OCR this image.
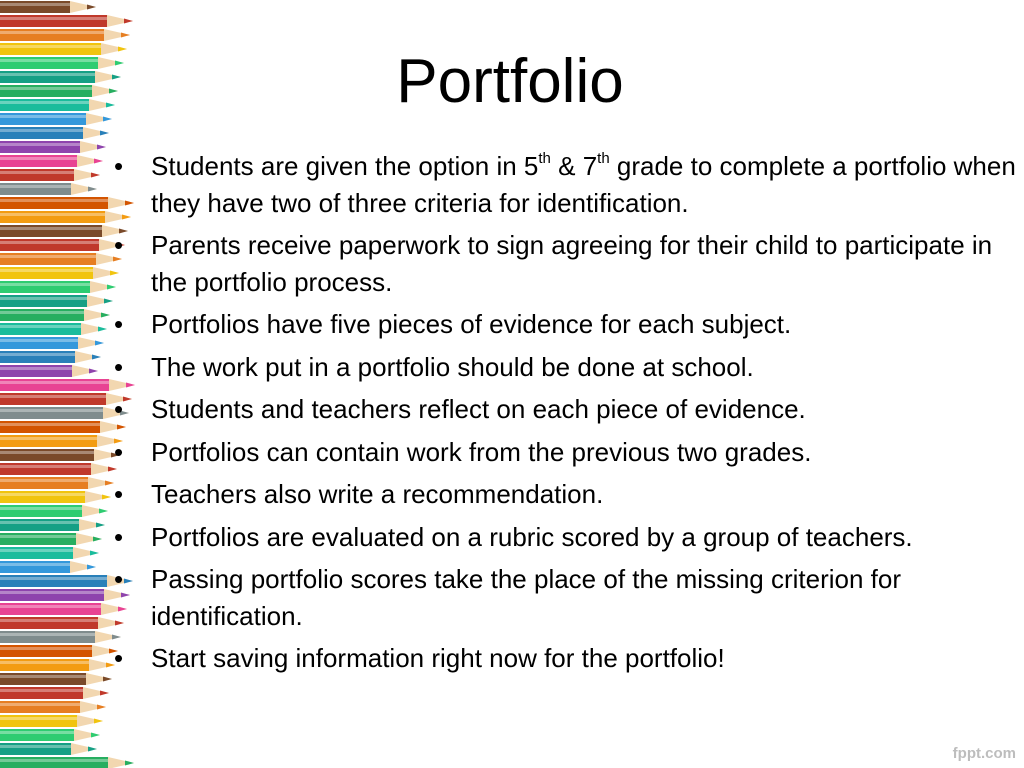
Portfolio
• Students are given the option in 5th & 7th grade to complete a portfolio when they have two of three criteria for identification.
• Parents receive paperwork to sign agreeing for their child to participate in the portfolio process.
• Portfolios have five pieces of evidence for each subject.
• The work put in a portfolio should be done at school.
• Students and teachers reflect on each piece of evidence.
• Portfolios can contain work from the previous two grades.
• Teachers also write a recommendation.
• Portfolios are evaluated on a rubric scored by a group of teachers.
• Passing portfolio scores take the place of the missing criterion for identification.
• Start saving information right now for the portfolio!
fppt.com
